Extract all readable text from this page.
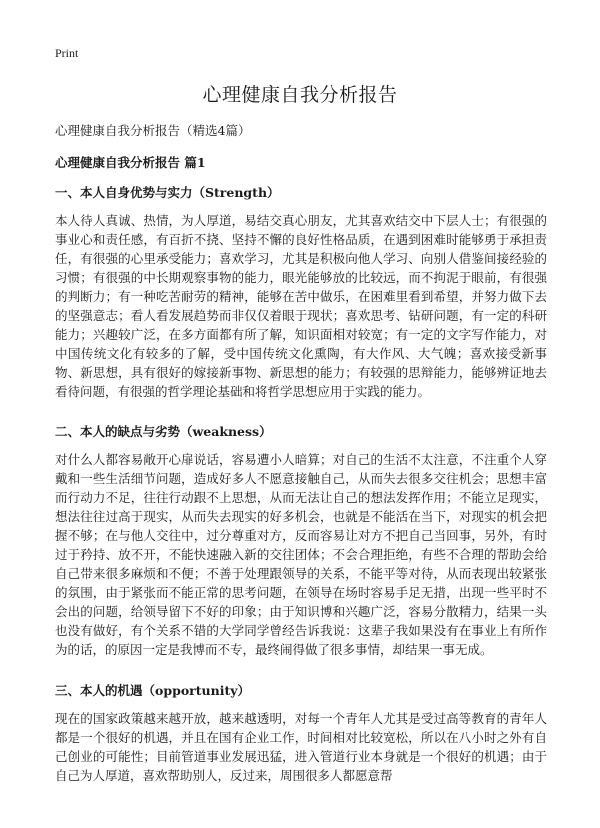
Print
心理健康自我分析报告
心理健康自我分析报告（精选4篇）
心理健康自我分析报告 篇1
一、本人自身优势与实力（Strength）

本人待人真诚、热情，为人厚道，易结交真心朋友，尤其喜欢结交中下层人士；有很强的事业心和责任感，有百折不挠、坚持不懈的良好性格品质，在遇到困难时能够勇于承担责任，有很强的心里承受能力；喜欢学习，尤其是积极向他人学习、向别人借鉴间接经验的习惯；有很强的中长期观察事物的能力，眼光能够放的比较远，而不拘泥于眼前，有很强的判断力；有一种吃苦耐劳的精神，能够在苦中做乐，在困难里看到希望，并努力做下去的坚强意志；看人看发展趋势而非仅仅着眼于现状；喜欢思考、钻研问题，有一定的科研能力；兴趣较广泛，在多方面都有所了解，知识面相对较宽；有一定的文字写作能力，对中国传统文化有较多的了解，受中国传统文化熏陶，有大作风、大气魄；喜欢接受新事物、新思想，具有很好的嫁接新事物、新思想的能力；有较强的思辩能力，能够辨证地去看待问题，有很强的哲学理论基础和将哲学思想应用于实践的能力。

二、本人的缺点与劣势（weakness）

对什么人都容易敞开心扉说话，容易遭小人暗算；对自己的生活不太注意，不注重个人穿戴和一些生活细节问题，造成好多人不愿意接触自己，从而失去很多交往机会；思想丰富而行动力不足，往往行动跟不上思想，从而无法让自己的想法发挥作用；不能立足现实，想法往往过高于现实，从而失去现实的好多机会，也就是不能活在当下，对现实的机会把握不够；在与他人交往中，过分尊重对方，反而容易让对方不把自己当回事，另外，有时过于矜持、放不开，不能快速融入新的交往团体；不会合理拒绝，有些不合理的帮助会给自己带来很多麻烦和不便；不善于处理跟领导的关系，不能平等对待，从而表现出较紧张的氛围，由于紧张而不能正常的思考问题，在领导在场时容易手足无措，出现一些平时不会出的问题，给领导留下不好的印象；由于知识博和兴趣广泛，容易分散精力，结果一头也没有做好，有个关系不错的大学同学曾经告诉我说：这辈子我如果没有在事业上有所作为的话，的原因一定是我博而不专，最终闹得做了很多事情，却结果一事无成。

三、本人的机遇（opportunity）

现在的国家政策越来越开放，越来越透明，对每一个青年人尤其是受过高等教育的青年人都是一个很好的机遇，并且在国有企业工作，时间相对比较宽松，所以在八小时之外有自己创业的可能性；目前管道事业发展迅猛，进入管道行业本身就是一个很好的机遇；由于自己为人厚道，喜欢帮助别人，反过来，周围很多人都愿意帮
